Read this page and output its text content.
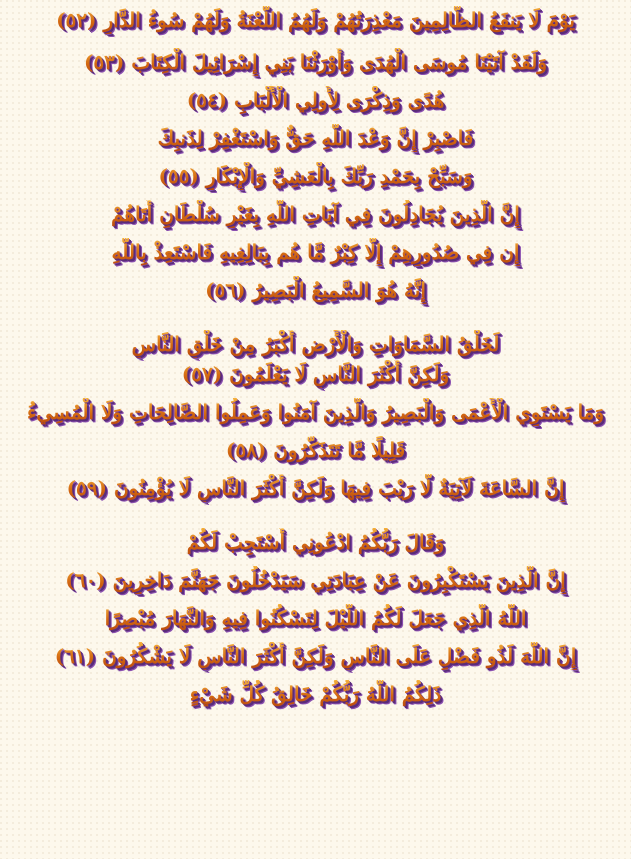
يَوْمَ لَا يَنفَعُ الظَّالِمِينَ مَعْذِرَتُهُمْ وَلَهُمُ اللَّعْنَةُ وَلَهُمْ سُوءُ الدَّارِ (٥٢)
وَلَقَدْ آتَيْنَا مُوسَى الْهُدَى وَأَوْرَثْنَا بَنِي إِسْرَائِيلَ الْكِتَابَ (٥٣)
هُدًى وَذِكْرَى لِأُولِي الْأَلْبَابِ (٥٤)
فَاصْبِرْ إِنَّ وَعْدَ اللَّهِ حَقٌّ وَاسْتَغْفِرْ لِذَنبِكَ
وَسَبِّحْ بِحَمْدِ رَبِّكَ بِالْعَشِيِّ وَالْإِبْكَارِ (٥٥)
إِنَّ الَّذِينَ يُجَادِلُونَ فِي آيَاتِ اللَّهِ بِغَيْرِ سُلْطَانٍ أَتَاهُمْ
إِن فِي صُدُورِهِمْ إِلَّا كِبْرٌ مَّا هُم بِبَالِغِيهِ فَاسْتَعِذْ بِاللَّهِ
إِنَّهُ هُوَ السَّمِيعُ الْبَصِيرُ (٥٦)
لَخَلْقُ السَّمَاوَاتِ وَالْأَرْضِ أَكْبَرُ مِنْ خَلْقِ النَّاسِ
وَلَكِنَّ أَكْثَرَ النَّاسِ لَا يَعْلَمُونَ (٥٧)
وَمَا يَسْتَوِي الْأَعْمَى وَالْبَصِيرُ وَالَّذِينَ آمَنُوا وَعَمِلُوا الصَّالِحَاتِ وَلَا الْمُسِيءُ
قَلِيلًا مَّا تَتَذَكَّرُونَ (٥٨)
إِنَّ السَّاعَةَ لَآتِيَةٌ لَّا رَيْبَ فِيهَا وَلَكِنَّ أَكْثَرَ النَّاسِ لَا يُؤْمِنُونَ (٥٩)
وَقَالَ رَبُّكُمُ ادْعُونِي أَسْتَجِبْ لَكُمْ
إِنَّ الَّذِينَ يَسْتَكْبِرُونَ عَنْ عِبَادَتِي سَيَدْخُلُونَ جَهَنَّمَ دَاخِرِينَ (٦٠)
اللَّهُ الَّذِي جَعَلَ لَكُمُ اللَّيْلَ لِتَسْكُنُوا فِيهِ وَالنَّهَارَ مُبْصِرًا
إِنَّ اللَّهَ لَذُو فَضْلٍ عَلَى النَّاسِ وَلَكِنَّ أَكْثَرَ النَّاسِ لَا يَشْكُرُونَ (٦١)
ذَلِكُمُ اللَّهُ رَبُّكُمْ خَالِقُ كُلِّ شَيْءٍ
